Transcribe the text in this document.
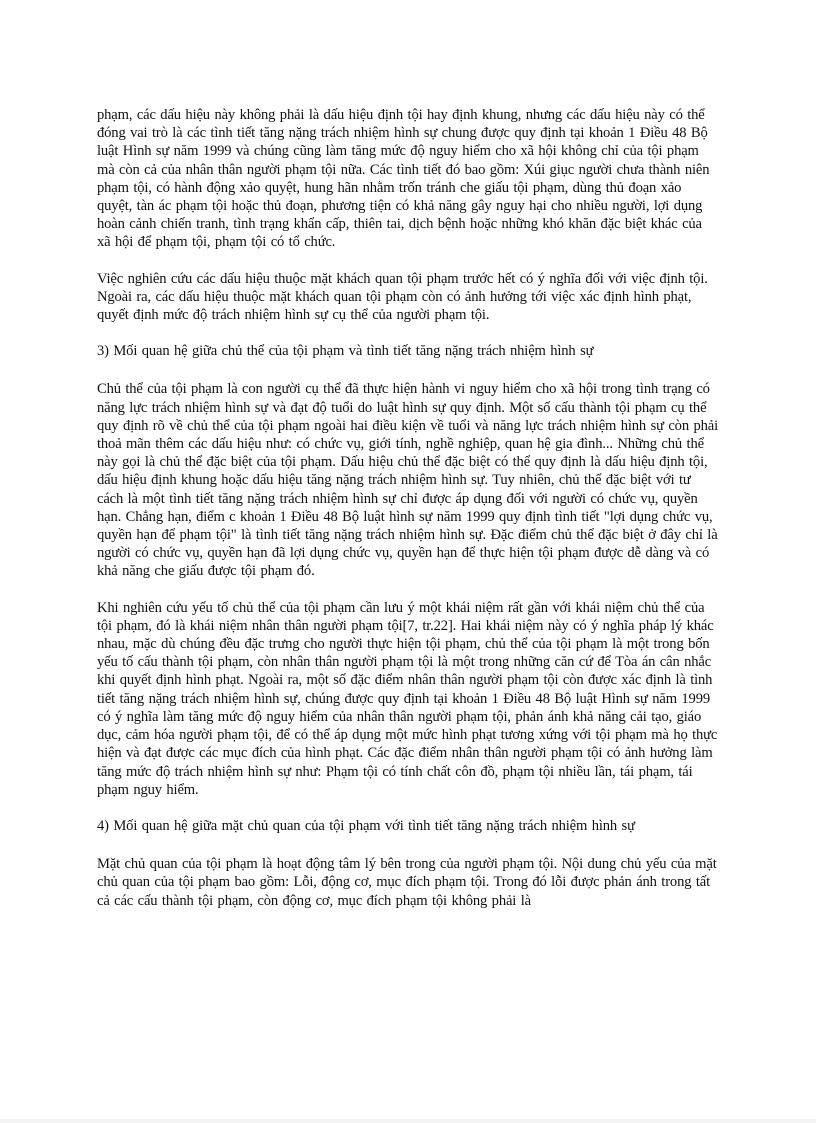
phạm, các dấu hiệu này không phải là dấu hiệu định tội hay định khung, nhưng các dấu hiệu này có thể đóng vai trò là các tình tiết tăng nặng trách nhiệm hình sự chung được quy định tại khoản 1 Điều 48 Bộ luật Hình sự năm 1999 và chúng cũng làm tăng mức độ nguy hiểm cho xã hội không chỉ của tội phạm mà còn cả của nhân thân người phạm tội nữa. Các tình tiết đó bao gồm: Xúi giục người chưa thành niên phạm tội, có hành động xảo quyệt, hung hãn nhằm trốn tránh che giấu tội phạm, dùng thủ đoạn xảo quyệt, tàn ác phạm tội hoặc thủ đoạn, phương tiện có khả năng gây nguy hại cho nhiều người, lợi dụng hoàn cảnh chiến tranh, tình trạng khẩn cấp, thiên tai, dịch bệnh hoặc những khó khăn đặc biệt khác của xã hội để phạm tội, phạm tội có tổ chức.

Việc nghiên cứu các dấu hiệu thuộc mặt khách quan tội phạm trước hết có ý nghĩa đối với việc định tội. Ngoài ra, các dấu hiệu thuộc mặt khách quan tội phạm còn có ảnh hưởng tới việc xác định hình phạt, quyết định mức độ trách nhiệm hình sự cụ thể của người phạm tội.

3) Mối quan hệ giữa chủ thể của tội phạm và tình tiết tăng nặng trách nhiệm hình sự

Chủ thể của tội phạm là con người cụ thể đã thực hiện hành vi nguy hiểm cho xã hội trong tình trạng có năng lực trách nhiệm hình sự và đạt độ tuổi do luật hình sự quy định. Một số cấu thành tội phạm cụ thể quy định rõ về chủ thể của tội phạm ngoài hai điều kiện về tuổi và năng lực trách nhiệm hình sự còn phải thoả mãn thêm các dấu hiệu như: có chức vụ, giới tính, nghề nghiệp, quan hệ gia đình... Những chủ thể này gọi là chủ thể đặc biệt của tội phạm. Dấu hiệu chủ thể đặc biệt có thể quy định là dấu hiệu định tội, dấu hiệu định khung hoặc dấu hiệu tăng nặng trách nhiệm hình sự. Tuy nhiên, chủ thể đặc biệt với tư cách là một tình tiết tăng nặng trách nhiệm hình sự chỉ được áp dụng đối với người có chức vụ, quyền hạn. Chẳng hạn, điểm c khoản 1 Điều 48 Bộ luật hình sự năm 1999 quy định tình tiết "lợi dụng chức vụ, quyền hạn để phạm tội" là tình tiết tăng nặng trách nhiệm hình sự. Đặc điểm chủ thể đặc biệt ở đây chỉ là người có chức vụ, quyền hạn đã lợi dụng chức vụ, quyền hạn để thực hiện tội phạm được dễ dàng và có khả năng che giấu được tội phạm đó.

Khi nghiên cứu yếu tố chủ thể của tội phạm cần lưu ý một khái niệm rất gần với khái niệm chủ thể của tội phạm, đó là khái niệm nhân thân người phạm tội[7, tr.22]. Hai khái niệm này có ý nghĩa pháp lý khác nhau, mặc dù chúng đều đặc trưng cho người thực hiện tội phạm, chủ thể của tội phạm là một trong bốn yếu tố cấu thành tội phạm, còn nhân thân người phạm tội là một trong những căn cứ để Tòa án cân nhắc khi quyết định hình phạt. Ngoài ra, một số đặc điểm nhân thân người phạm tội còn được xác định là tình tiết tăng nặng trách nhiệm hình sự, chúng được quy định tại khoản 1 Điều 48 Bộ luật Hình sự năm 1999 có ý nghĩa làm tăng mức độ nguy hiểm của nhân thân người phạm tội, phản ánh khả năng cải tạo, giáo dục, cảm hóa người phạm tội, để có thể áp dụng một mức hình phạt tương xứng với tội phạm mà họ thực hiện và đạt được các mục đích của hình phạt. Các đặc điểm nhân thân người phạm tội có ảnh hưởng làm tăng mức độ trách nhiệm hình sự như: Phạm tội có tính chất côn đồ, phạm tội nhiều lần, tái phạm, tái phạm nguy hiểm.

4) Mối quan hệ giữa mặt chủ quan của tội phạm với tình tiết tăng nặng trách nhiệm hình sự

Mặt chủ quan của tội phạm là hoạt động tâm lý bên trong của người phạm tội. Nội dung chủ yếu của mặt chủ quan của tội phạm bao gồm: Lỗi, động cơ, mục đích phạm tội. Trong đó lỗi được phản ánh trong tất cả các cấu thành tội phạm, còn động cơ, mục đích phạm tội không phải là
